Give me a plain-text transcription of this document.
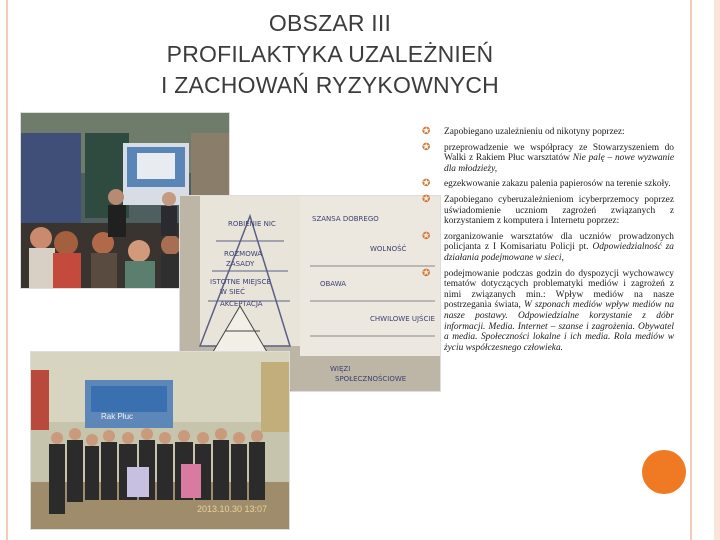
OBSZAR III
PROFILAKTYKA UZALEŻNIEŃ
I ZACHOWAŃ RYZYKOWNYCH
ROBIENIE NIC
ROZMOWA
ZASADY
ISTOTNE MIEJSCE
W SIEĆ
AKCEPTACJA
SZANSA DOBREGO
WOLNOŚĆ
OBAWA
CHWILOWE UJŚCIE
WIĘZI
SPOŁECZNOŚCIOWE
Rak Płuc
2013.10.30 13:07
✪ Zapobiegano uzależnieniu od nikotyny poprzez:
✪ przeprowadzenie we współpracy ze Stowarzyszeniem do Walki z Rakiem Płuc warsztatów Nie palę – nowe wyzwanie dla młodzieży,
✪ egzekwowanie zakazu palenia papierosów na terenie szkoły.
✪ Zapobiegano cyberuzależnieniom icyberprzemocy poprzez uświadomienie uczniom zagrożeń związanych z korzystaniem z komputera i Internetu poprzez:
✪ zorganizowanie warsztatów dla uczniów prowadzonych policjanta z I Komisariatu Policji pt. Odpowiedzialność za działania podejmowane w sieci,
✪ podejmowanie podczas godzin do dyspozycji wychowawcy tematów dotyczących problematyki mediów i zagrożeń z nimi związanych min.: Wpływ mediów na nasze postrzegania świata, W szponach mediów wpływ mediów na nasze postawy. Odpowiedzialne korzystanie z dóbr informacji. Media. Internet – szanse i zagrożenia. Obywatel a media. Społeczności lokalne i ich media. Rola mediów w życiu współczesnego człowieka.
